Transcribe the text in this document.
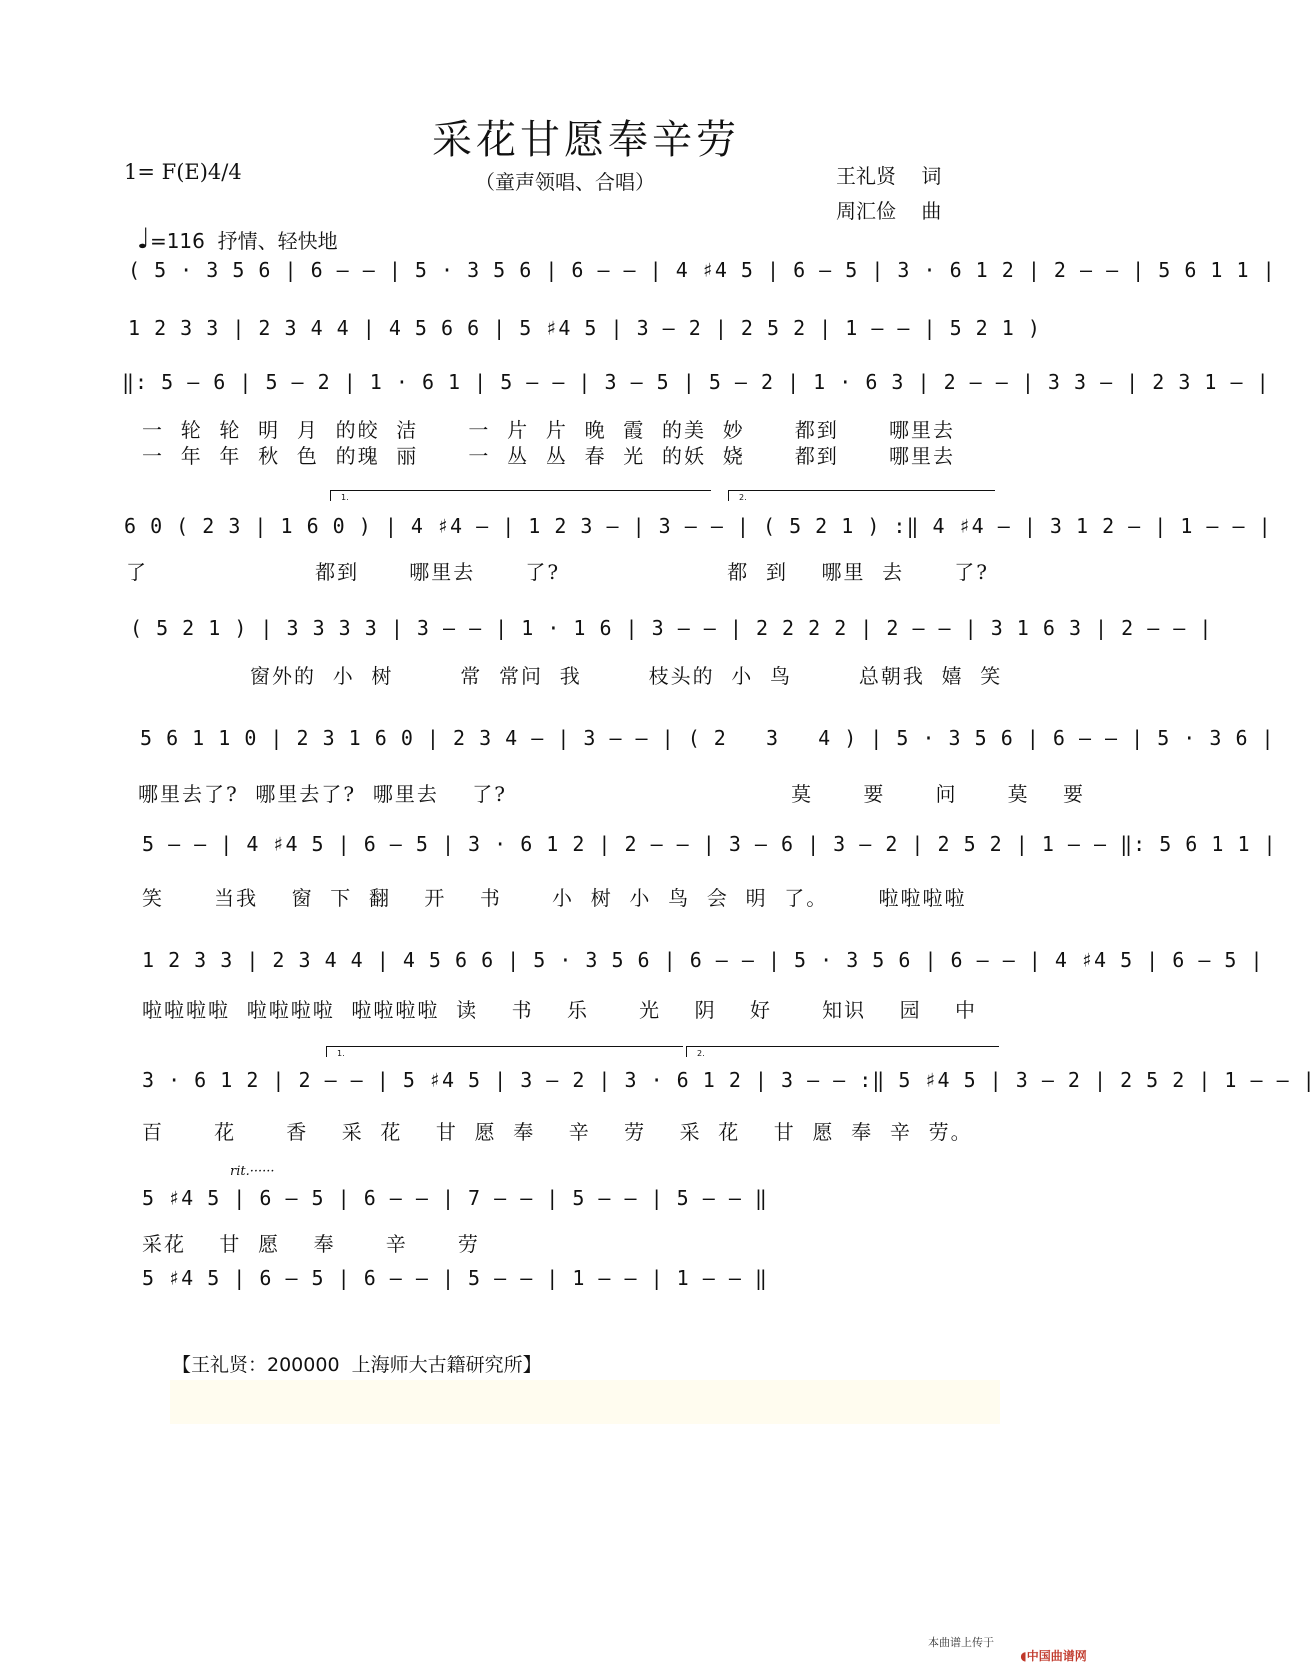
采花甘愿奉辛劳
（童声领唱、合唱）
1= F(E)4/4

♩=116  抒情、轻快地

王礼贤    词
周汇俭    曲
( 5 · 3 5 6 | 6 — — | 5 · 3 5 6 | 6 — — | 4 ♯4 5 | 6 — 5 | 3 · 6 1 2 | 2 — — | 5 6 1 1 |
1 2 3 3 | 2 3 4 4 | 4 5 6 6 | 5 ♯4 5 | 3 — 2 | 2 5 2 | 1 — — | 5 2 1 )
‖: 5 — 6 | 5 — 2 | 1 · 6 1 | 5 — — | 3 — 5 | 5 — 2 | 1 · 6 3 | 2 — — | 3 3 — | 2 3 1 — |
一  轮  轮  明  月  的皎  洁      一  片  片  晚  霞  的美  妙      都到      哪里去
一  年  年  秋  色  的瑰  丽      一  丛  丛  春  光  的妖  娆      都到      哪里去

1.

	2.

6 0 ( 2 3 | 1 6 0 ) | 4 ♯4 — | 1 2 3 — | 3 — — | ( 5 2 1 ) :‖ 4 ♯4 — | 3 1 2 — | 1 — — |
了                    都到      哪里去      了?                    都  到    哪里  去      了?
( 5 2 1 ) | 3 3 3 3 | 3 — — | 1 · 1 6 | 3 — — | 2 2 2 2 | 2 — — | 3 1 6 3 | 2 — — |
窗外的  小  树        常  常问  我        枝头的  小  鸟        总朝我  嬉  笑
5 6 1 1 0 | 2 3 1 6 0 | 2 3 4 — | 3 — — | ( 2   3   4 ) | 5 · 3 5 6 | 6 — — | 5 · 3 6 |
哪里去了?  哪里去了?  哪里去    了?                                  莫      要      问      莫    要
5 — — | 4 ♯4 5 | 6 — 5 | 3 · 6 1 2 | 2 — — | 3 — 6 | 3 — 2 | 2 5 2 | 1 — — ‖: 5 6 1 1 |
笑      当我    窗  下  翻    开    书      小  树  小  鸟  会  明  了。      啦啦啦啦
1 2 3 3 | 2 3 4 4 | 4 5 6 6 | 5 · 3 5 6 | 6 — — | 5 · 3 5 6 | 6 — — | 4 ♯4 5 | 6 — 5 |
啦啦啦啦  啦啦啦啦  啦啦啦啦  读    书    乐      光    阴    好      知识    园    中

1.

	2.

3 · 6 1 2 | 2 — — | 5 ♯4 5 | 3 — 2 | 3 · 6 1 2 | 3 — — :‖ 5 ♯4 5 | 3 — 2 | 2 5 2 | 1 — — |
百      花      香    采  花    甘  愿  奉    辛    劳    采  花    甘  愿  奉  辛  劳。
rit.······
5 ♯4 5 | 6 — 5 | 6 — — | 7 — — | 5 — — | 5 — — ‖
采花    甘  愿    奉      辛      劳
5 ♯4 5 | 6 — 5 | 6 — — | 5 — — | 1 — — | 1 — — ‖
【王礼贤：200000  上海师大古籍研究所】
本曲谱上传于

◖中国曲谱网
